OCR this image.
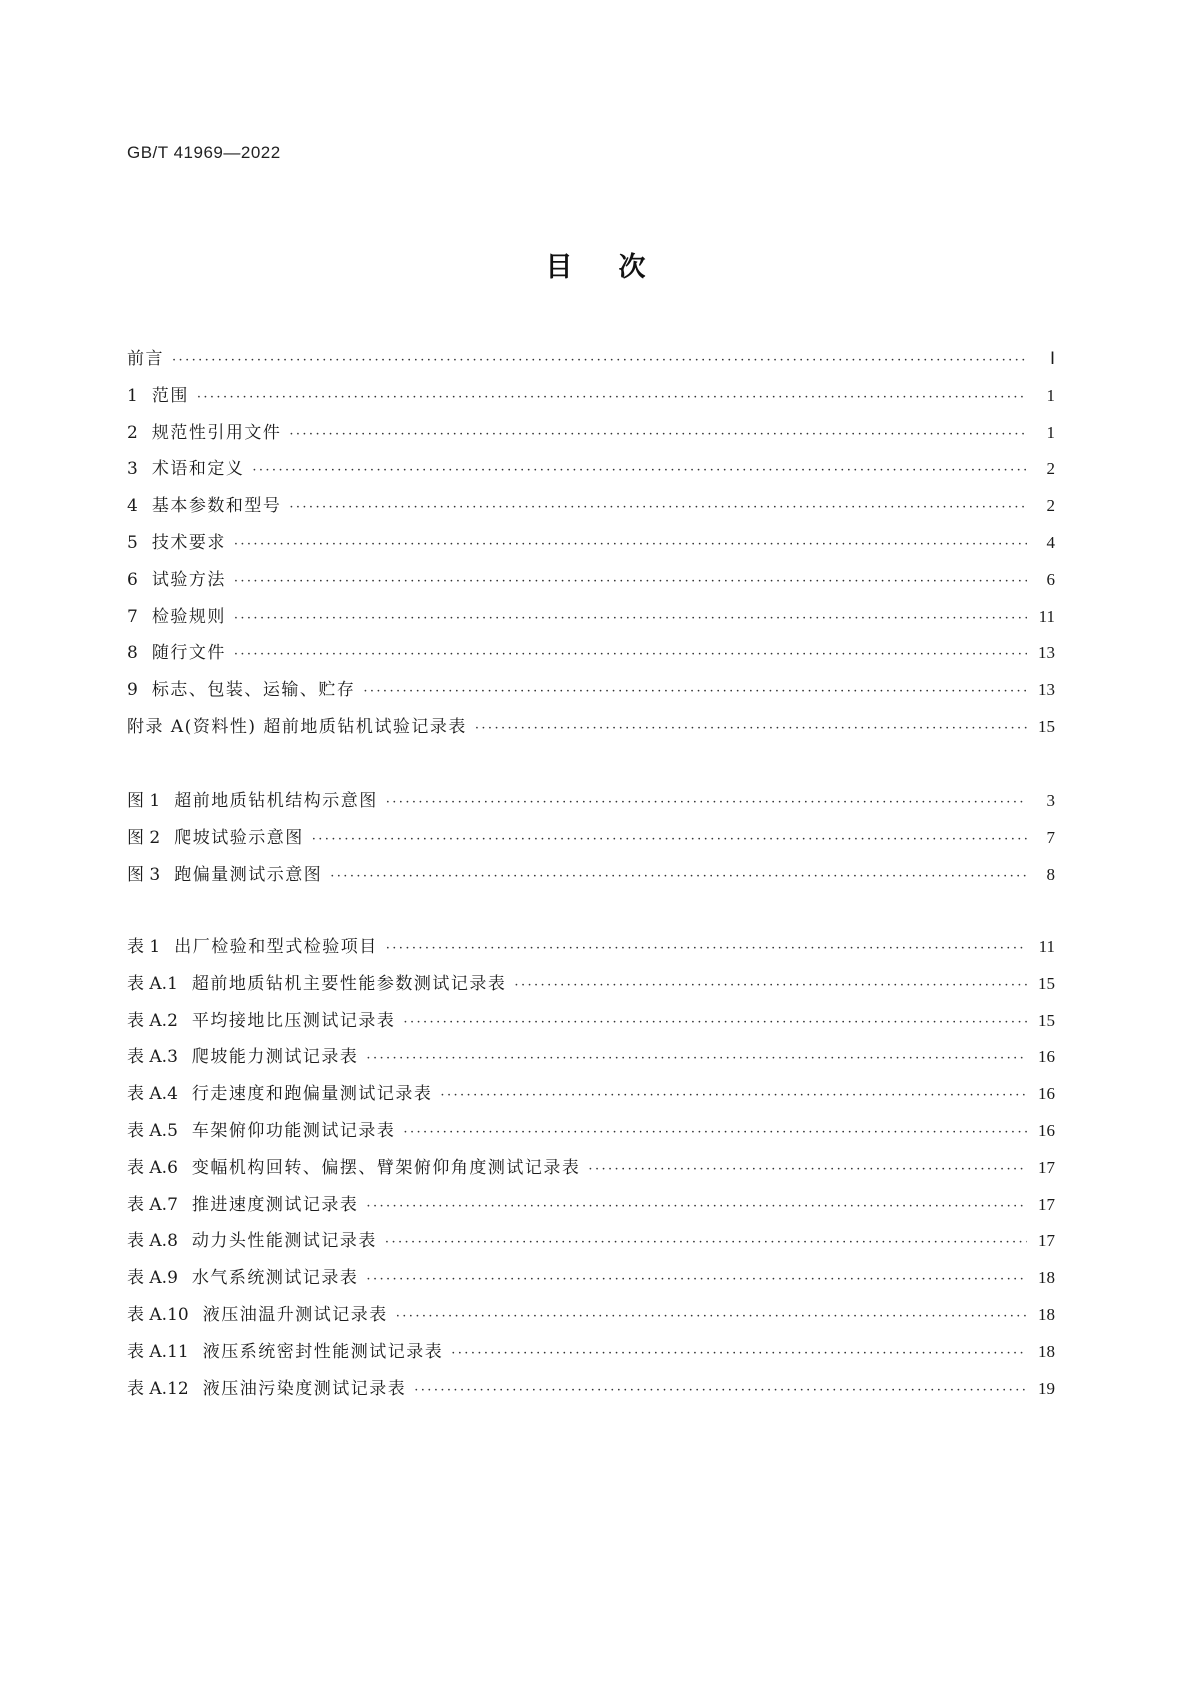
GB/T 41969—2022
目次
前言 ·····	Ⅰ
1 范围 ·····	1
2 规范性引用文件 ·····	1
3 术语和定义 ·····	2
4 基本参数和型号 ·····	2
5 技术要求 ·····	4
6 试验方法 ·····	6
7 检验规则 ·····	11
8 随行文件 ·····	13
9 标志、包装、运输、贮存 ·····	13
附录 A(资料性) 超前地质钻机试验记录表 ·····	15
图 1 超前地质钻机结构示意图 ·····	3
图 2 爬坡试验示意图 ·····	7
图 3 跑偏量测试示意图 ·····	8
表 1 出厂检验和型式检验项目 ·····	11
表 A.1 超前地质钻机主要性能参数测试记录表 ·····	15
表 A.2 平均接地比压测试记录表 ·····	15
表 A.3 爬坡能力测试记录表 ·····	16
表 A.4 行走速度和跑偏量测试记录表 ·····	16
表 A.5 车架俯仰功能测试记录表 ·····	16
表 A.6 变幅机构回转、偏摆、臂架俯仰角度测试记录表 ·····	17
表 A.7 推进速度测试记录表 ·····	17
表 A.8 动力头性能测试记录表 ·····	17
表 A.9 水气系统测试记录表 ·····	18
表 A.10 液压油温升测试记录表 ·····	18
表 A.11 液压系统密封性能测试记录表 ·····	18
表 A.12 液压油污染度测试记录表 ·····	19
